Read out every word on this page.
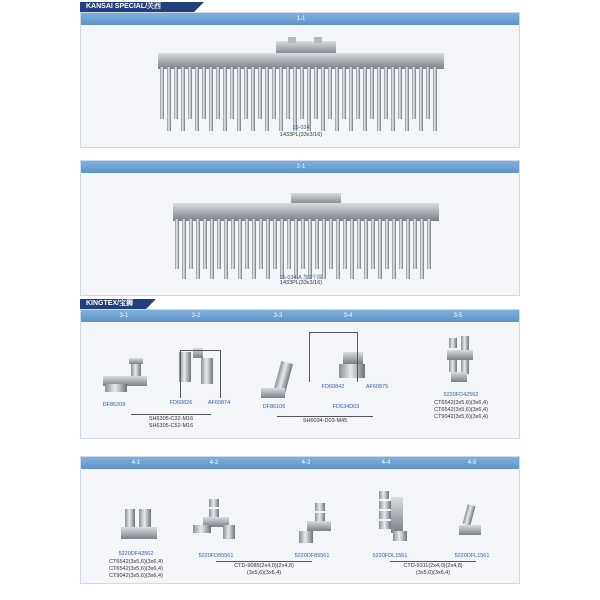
KANSAI SPECIAL/关西
1-1
15-034
1433PL(33x3/16)
2-1
15-034,A 加2个圈
1433PL(33x3/16)
KINGTEX/宝狮
3-1	3-2	3-3	3-4	3-5
DF85209	FD60826	AF60874
SH6305-C32-M16
SH6305-C52-M16
DF86106
FD60842	AF60875
FD634D03
SH6034-D03-M45
5220FD42562
CT6542(3x5,6)(3x6,4)
CT6542(3x5,6)(3x6,4)
CT9042(3x5,6)(3x6,4)
4-1	4-2	4-3	4-4	4-5
5220DF42562
CT6542(3x5,6)(3x6,4)
CT6542(3x5,6)(3x6,4)
CT9042(3x5,6)(3x6,4)
5220FD85561	5220DF85561
CTD-9085(2x4,0)(2x4,8)
(3x5,6)(3x6,4)
5220FDL1561	5220DFL1561
CTD-9311(2x4,0)(2x4,8)
(3x5,6)(3x6,4)
